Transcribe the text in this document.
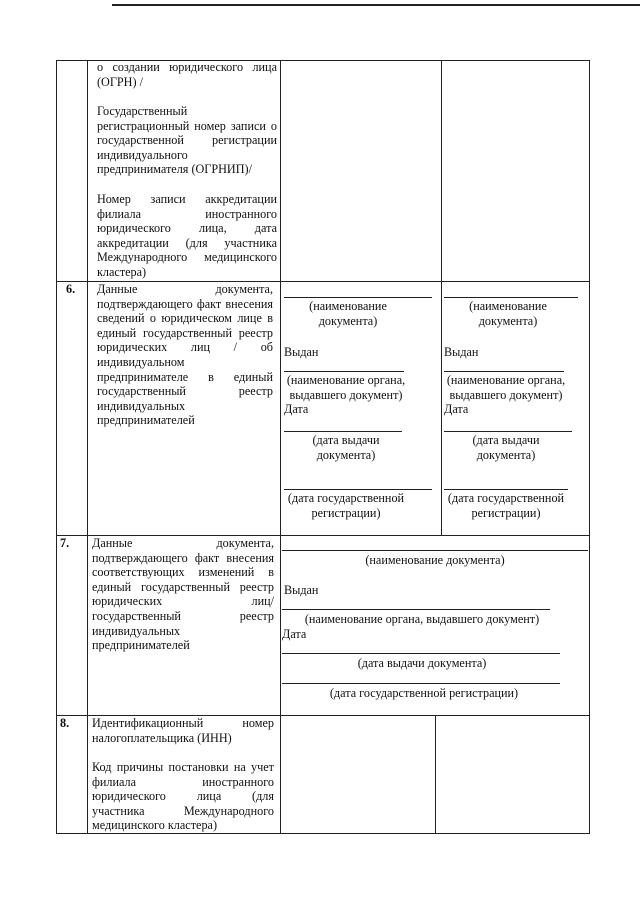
о создании юридического лица (ОГРН) /
Государственный регистрационный номер записи о государственной регистрации индивидуального предпринимателя (ОГРНИП)/
Номер записи аккредитации филиала иностранного юридического лица, дата аккредитации (для участника Международного медицинского кластера)
6. Данные документа, подтверждающего факт внесения сведений о юридическом лице в единый государственный реестр юридических лиц / об индивидуальном предпринимателе в единый государственный реестр индивидуальных предпринимателей
(наименование документа)
Выдан
(наименование органа, выдавшего документ)
Дата
(дата выдачи документа)
(дата государственной регистрации)
(наименование документа)
Выдан
(наименование органа, выдавшего документ)
Дата
(дата выдачи документа)
(дата государственной регистрации)
7. Данные документа, подтверждающего факт внесения соответствующих изменений в единый государственный реестр юридических лиц/ государственный реестр индивидуальных предпринимателей
(наименование документа)
Выдан
(наименование органа, выдавшего документ)
Дата
(дата выдачи документа)
(дата государственной регистрации)
8. Идентификационный номер налогоплательщика (ИНН)
Код причины постановки на учет филиала иностранного юридического лица (для участника Международного медицинского кластера)
